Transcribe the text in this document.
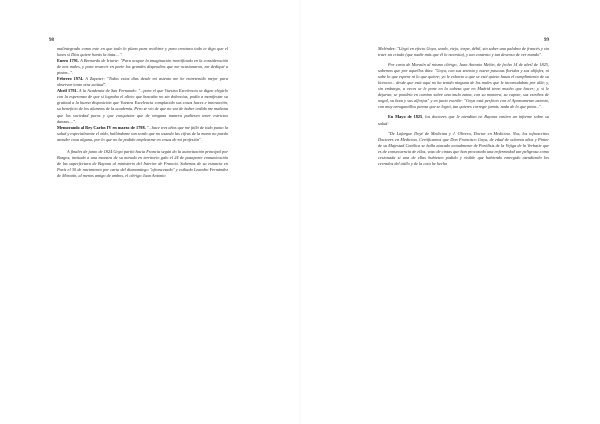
98

malintegrado como este en que todo lo plano para recibirte y para creatura todo te digo que el lunes si Dios quiere harás la tinta....".

Enero 1791. A Bernardo de Iriarte: "Para ocupar la imaginación mortificada en la consideración de mis males, y para resarcir en parte los grandes dispendios que me ocasionaron, me dediqué a pintar...".

Febrero 1974. A Zapater: "Todos estos días desde mi asiento me he entretenido mejor para observar tonto otra actitud".

Abril 1791. A la Academia de San Fernando: "...para el que Vuestra Excelencia se digne elegirlo con la esperanza de que si lograba el alivio que buscaba no sin dolencias, podía a manifestar su gratitud a la buena disposición que Vuestra Excelencia complacido sus cosas haces e innovación, su beneficio de los alumnos de la academia. Pero se vio de que no vez de haber cedido me mañana que los sociedad puros y que conquistar que de ninguna manera pudiesen tener estrictos danzas....".

Memorando al Rey Carlos IV en marzo de 1798. "...hace tres años que me falló de todo punto la salud y especialmente el oído, hallándome tan sordo que no usando las cifras de la mano no puedo atender cosa alguna, por lo que no he podido emplearme en cosas de mi profesión".

A finales de junio de 1824 Goya partió hacia Francia según do la autorización principal por Burgos, invitado a una muestra de su mirada en territorio galo el 24 de pasaporte comunicación de las superfectura de Bayona al ministerio del Interior de Francia. Sabemos de su estancia en París el 30 de nacimiento por carta del diamantiego "afrancesado" y exiliado Leandro Fernández de Moratín, al menos amigo de ambos, el clérigo Juan Antonio

99

Meléndez: "Llegó en efecto Goya, sordo, viejo, torpe, débil, sin saber una palabra de francés y sin traer un criado (que nadie más que él lo necesita), y tan contento y tan deseoso de ver mundo".

Por carta de Moratín al mismo clérigo, Juan Antonio Melón, de fecha 14 de abril de 1825, sabemos que por aquellos días: "Goya, con sus setenta y nueve pascuas floridas y sus alifafes, ni sabe lo que espera ni lo que quiere; yo le exhorto a que se esté quieto hasta el cumplimiento de su licencia... desde que está aquí no ha tenido ninguna de los males que le incomodaban por allá; y, sin embargo, a veces se le pone en la cabeza que en Madrid tiene mucho que hacer; y, si le dejaran, se pondría en camino sobre una mula zaina, con su montera, su capote, sus estribos de nogal, su bota y sus alforjas" y en junio escribe: "Goya está perfecto con el Apartamento asiento, con muy arrogantillos piensa que se logró, tan quieres corregir jamás, nada de lo que pinta...".

En Mayo de 1825, los doctores que le atendían en Bayona emiten un informe sobre su salud:

"De Lafargue Doyé de Medicina y J. Olivera, Doctor en Medicina. Nos, los infrascritos Doctores en Medicina, Certificamos que Don Francisco Goya, de edad de ochenta años y Pintor de su Majestad Católica se halla atacado actualmente de Parálisis de la Vejiga de la Verbatie que es de consecuencia de ellas, vaso de cintas que han procurado una enfermedad tan peligrosa como cesionada si una de ellas hubiesen podido y visible que habiendo emergido atendiendo los cerrados del aitllo y de la cota he hecho
